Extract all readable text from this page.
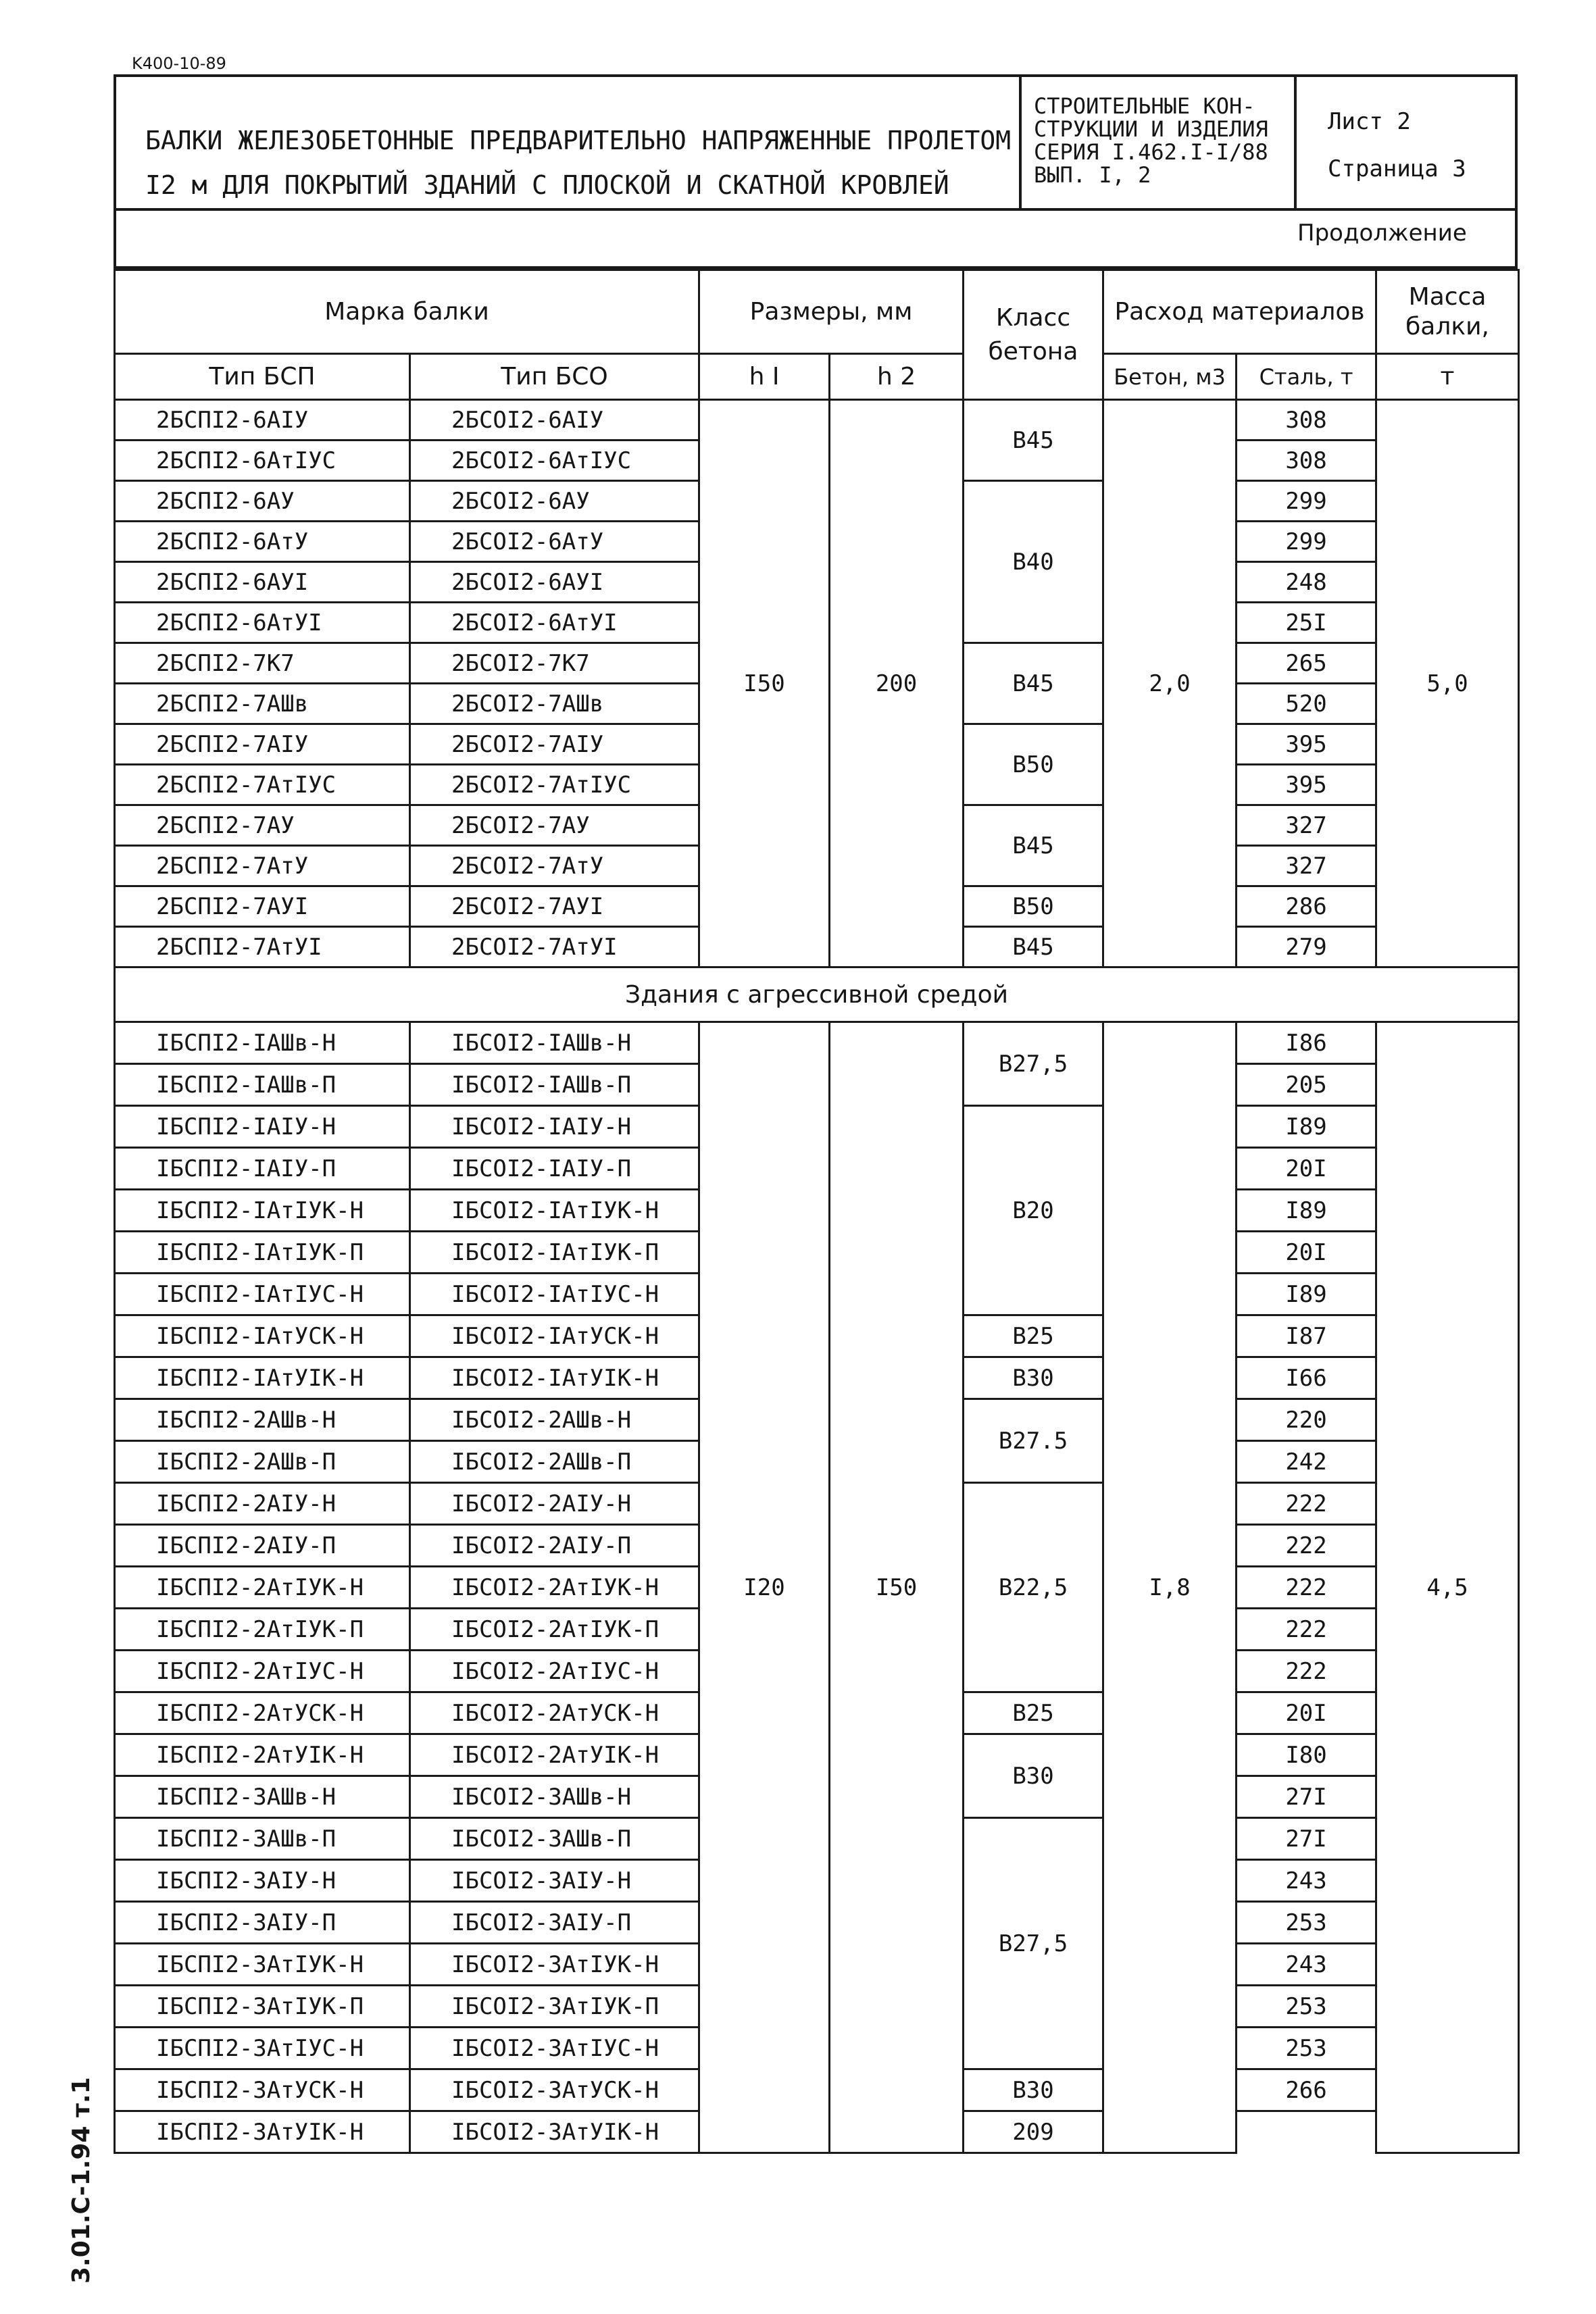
K400-10-89
3.01.C-1.94 т.1
БАЛКИ ЖЕЛЕЗОБЕТОННЫЕ ПРЕДВАРИТЕЛЬНО НАПРЯЖЕННЫЕ ПРОЛЕТОМ
I2 м ДЛЯ ПОКРЫТИЙ ЗДАНИЙ С ПЛОСКОЙ И СКАТНОЙ КРОВЛЕЙ
СТРОИТЕЛЬНЫЕ КОН-
СТРУКЦИИ И ИЗДЕЛИЯ
СЕРИЯ I.462.I-I/88
ВЫП. I, 2
Лист 2
Страница 3
Продолжение
Марка балки		Размеры, мм		Класс бетона	Расход материалов		Масса балки,
Тип БСП	Тип БСО	h I	h 2		Бетон, м3	Сталь, т	т
2БСПI2-6АIУ	2БСОI2-6АIУ	I50	200	B45	2,0	308	5,0
2БСПI2-6АтIУС	2БСОI2-6АтIУС					308	
2БСПI2-6АУ	2БСОI2-6АУ			B40		299	
2БСПI2-6АтУ	2БСОI2-6АтУ					299	
2БСПI2-6АУI	2БСОI2-6АУI					248	
2БСПI2-6АтУI	2БСОI2-6АтУI					25I	
2БСПI2-7К7	2БСОI2-7К7			B45		265	
2БСПI2-7АШв	2БСОI2-7АШв					520	
2БСПI2-7АIУ	2БСОI2-7АIУ			B50		395	
2БСПI2-7АтIУС	2БСОI2-7АтIУС					395	
2БСПI2-7АУ	2БСОI2-7АУ			B45		327	
2БСПI2-7АтУ	2БСОI2-7АтУ					327	
2БСПI2-7АУI	2БСОI2-7АУI			B50		286	
2БСПI2-7АтУI	2БСОI2-7АтУI			B45		279	
Здания с агрессивной средой							
IБСПI2-IАШв-Н	IБСОI2-IАШв-Н	I20	I50	B27,5	I,8	I86	4,5
IБСПI2-IАШв-П	IБСОI2-IАШв-П					205	
IБСПI2-IАIУ-Н	IБСОI2-IАIУ-Н			B20		I89	
IБСПI2-IАIУ-П	IБСОI2-IАIУ-П					20I	
IБСПI2-IАтIУК-Н	IБСОI2-IАтIУК-Н					I89	
IБСПI2-IАтIУК-П	IБСОI2-IАтIУК-П					20I	
IБСПI2-IАтIУС-Н	IБСОI2-IАтIУС-Н					I89	
IБСПI2-IАтУСК-Н	IБСОI2-IАтУСК-Н			B25		I87	
IБСПI2-IАтУIК-Н	IБСОI2-IАтУIК-Н			B30		I66	
IБСПI2-2АШв-Н	IБСОI2-2АШв-Н			B27.5		220	
IБСПI2-2АШв-П	IБСОI2-2АШв-П					242	
IБСПI2-2АIУ-Н	IБСОI2-2АIУ-Н			B22,5		222	
IБСПI2-2АIУ-П	IБСОI2-2АIУ-П					222	
IБСПI2-2АтIУК-Н	IБСОI2-2АтIУК-Н					222	
IБСПI2-2АтIУК-П	IБСОI2-2АтIУК-П					222	
IБСПI2-2АтIУС-Н	IБСОI2-2АтIУС-Н					222	
IБСПI2-2АтУСК-Н	IБСОI2-2АтУСК-Н			B25		20I	
IБСПI2-2АтУIК-Н	IБСОI2-2АтУIК-Н			B30		I80	
IБСПI2-3АШв-Н	IБСОI2-3АШв-Н					27I	
IБСПI2-3АШв-П	IБСОI2-3АШв-П			B27,5		27I	
IБСПI2-3АIУ-Н	IБСОI2-3АIУ-Н					243	
IБСПI2-3АIУ-П	IБСОI2-3АIУ-П					253	
IБСПI2-3АтIУК-Н	IБСОI2-3АтIУК-Н					243	
IБСПI2-3АтIУК-П	IБСОI2-3АтIУК-П					253	
IБСПI2-3АтIУС-Н	IБСОI2-3АтIУС-Н					253	
IБСПI2-3АтУСК-Н	IБСОI2-3АтУСК-Н			B30		266	
IБСПI2-3АтУIК-Н	IБСОI2-3АтУIК-Н			209			
